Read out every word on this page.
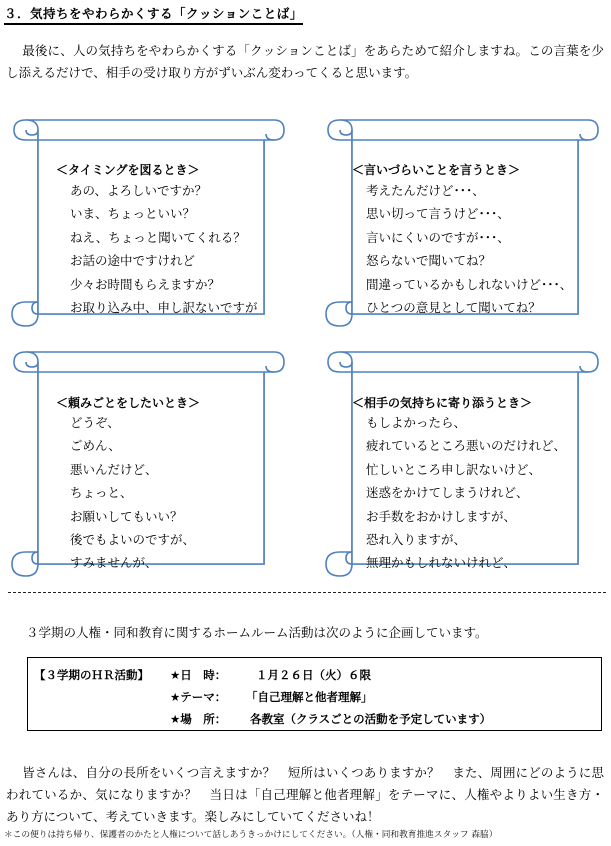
３．気持ちをやわらかくする「クッションことば」

最後に、人の気持ちをやわらかくする「クッションことば」をあらためて紹介しますね。この言葉を少し添えるだけで、相手の受け取り方がずいぶん変わってくると思います。

＜タイミングを図るとき＞
あの、よろしいですか？
いま、ちょっといい？
ねえ、ちょっと聞いてくれる？
お話の途中ですけれど
少々お時間もらえますか？
お取り込み中、申し訳ないですが
＜言いづらいことを言うとき＞
考えたんだけど･･･、
思い切って言うけど･･･、
言いにくいのですが･･･、
怒らないで聞いてね？
間違っているかもしれないけど･･･、
ひとつの意見として聞いてね？
＜頼みごとをしたいとき＞
どうぞ、
ごめん、
悪いんだけど、
ちょっと、
お願いしてもいい？
後でもよいのですが、
すみませんが、
＜相手の気持ちに寄り添うとき＞
もしよかったら、
疲れているところ悪いのだけれど、
忙しいところ申し訳ないけど、
迷惑をかけてしまうけれど、
お手数をおかけしますが、
恐れ入りますが、
無理かもしれないけれど、

３学期の人権・同和教育に関するホームルーム活動は次のように企画しています。

【３学期のＨＲ活動】 ★日　時：	１月２６日（火）６限
★テーマ： 「自己理解と他者理解」
★場　所： 各教室（クラスごとの活動を予定しています）

皆さんは、自分の長所をいくつ言えますか？　短所はいくつありますか？　また、周囲にどのように思われているか、気になりますか？　当日は「自己理解と他者理解」をテーマに、人権やよりよい生き方・あり方について、考えていきます。楽しみにしていてくださいね！

＊この便りは持ち帰り、保護者のかたと人権について話しあうきっかけにしてください。（人権・同和教育推進スタッフ 森脇）
